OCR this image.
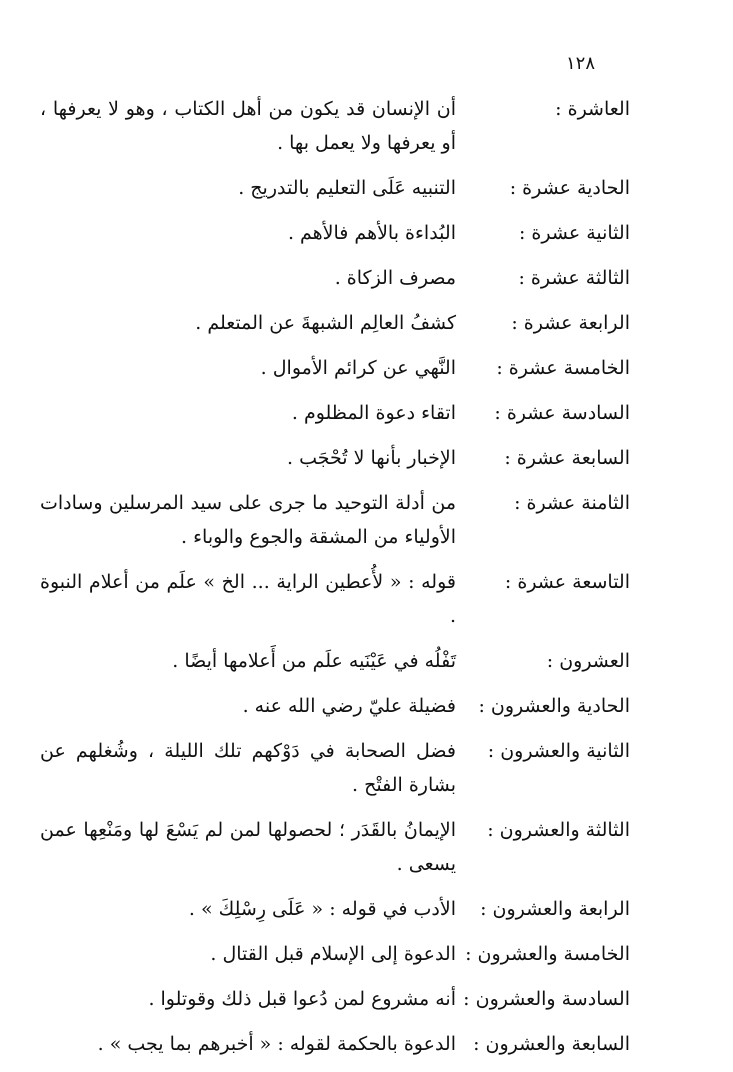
١٢٨
العاشرة :
أن الإنسان قد يكون من أهل الكتاب ، وهو لا يعرفها ، أو يعرفها ولا يعمل بها .
الحادية عشرة :
التنبيه عَلَى التعليم بالتدريج .
الثانية عشرة :
البُداءة بالأهم فالأهم .
الثالثة عشرة :
مصرف الزكاة .
الرابعة عشرة :
كشفُ العالِم الشبهةَ عن المتعلم .
الخامسة عشرة :
النَّهي عن كرائم الأموال .
السادسة عشرة :
اتقاء دعوة المظلوم .
السابعة عشرة :
الإخبار بأنها لا تُحْجَب .
الثامنة عشرة :
من أدلة التوحيد ما جرى على سيد المرسلين وسادات الأولياء من المشقة والجوع والوباء .
التاسعة عشرة :
قوله : « لأُعطين الراية ... الخ » علَم من أعلام النبوة .
العشرون :
تَفْلُه في عَيْنَيه علَم من أَعلامها أيضًا .
الحادية والعشرون :
فضيلة عليّ رضي الله عنه .
الثانية والعشرون :
فضل الصحابة في دَوْكهم تلك الليلة ، وشُغلهم عن بشارة الفتْح .
الثالثة والعشرون :
الإيمانُ بالقَدَر ؛ لحصولها لمن لم يَسْعَ لها ومَنْعِها عمن يسعى .
الرابعة والعشرون :
الأدب في قوله : « عَلَى رِسْلِكَ » .
الخامسة والعشرون :
الدعوة إلى الإسلام قبل القتال .
السادسة والعشرون :
أنه مشروع لمن دُعوا قبل ذلك وقوتلوا .
السابعة والعشرون :
الدعوة بالحكمة لقوله : « أخبرهم بما يجب » .
